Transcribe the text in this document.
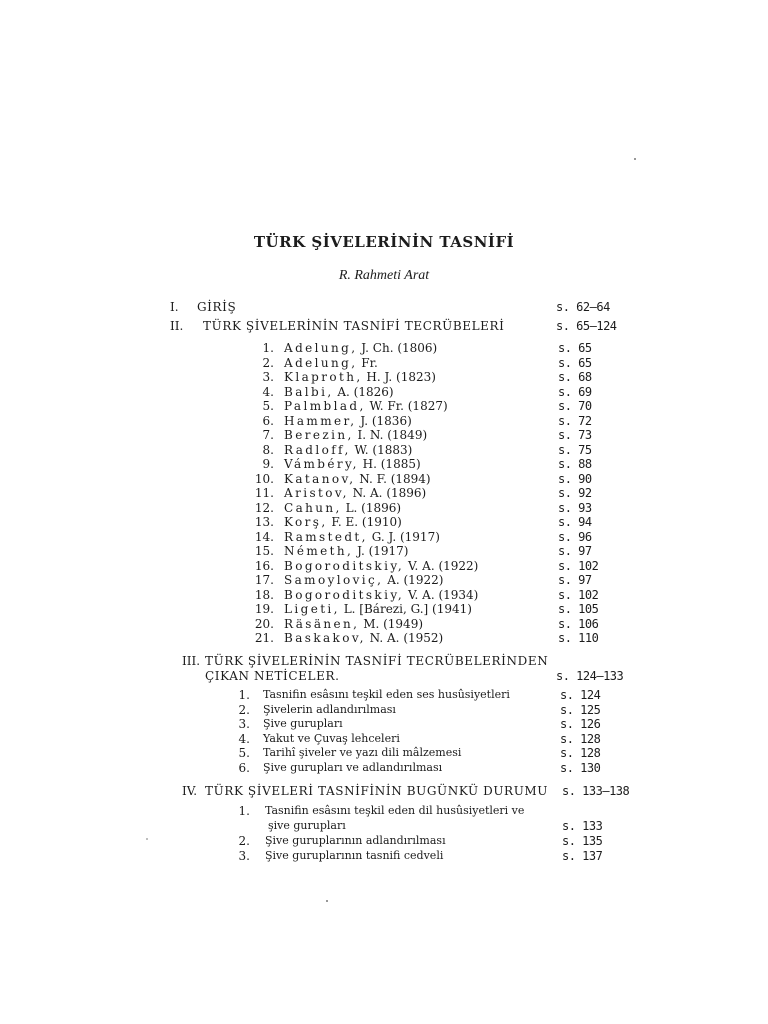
TÜRK ŞİVELERİNİN TASNİFİ
R. Rahmeti Arat
I. GİRİŞ	s. 62—64
II. TÜRK ŞİVELERİNİN TASNİFİ TECRÜBELERİ	s. 65—124
1. Adelung, J. Ch. (1806)	s. 65
2. Adelung, Fr.	s. 65
3. Klaproth, H. J. (1823)	s. 68
4. Balbi, A. (1826)	s. 69
5. Palmblad, W. Fr. (1827)	s. 70
6. Hammer, J. (1836)	s. 72
7. Berezin, I. N. (1849)	s. 73
8. Radloff, W. (1883)	s. 75
9. Vámbéry, H. (1885)	s. 88
10. Katanov, N. F. (1894)	s. 90
11. Aristov, N. A. (1896)	s. 92
12. Cahun, L. (1896)	s. 93
13. Korş, F. E. (1910)	s. 94
14. Ramstedt, G. J. (1917)	s. 96
15. Németh, J. (1917)	s. 97
16. Bogoroditskiy, V. A. (1922)	s. 102
17. Samoyloviç, A. (1922)	s. 97
18. Bogoroditskiy, V. A. (1934)	s. 102
19. Ligeti, L. [Bárezi, G.] (1941)	s. 105
20. Räsänen, M. (1949)	s. 106
21. Baskakov, N. A. (1952)	s. 110
III. TÜRK ŞİVELERİNİN TASNİFİ TECRÜBELERİNDEN
ÇIKAN NETİCELER.	s. 124—133
1. Tasnifin esâsını teşkil eden ses husûsiyetleri	s. 124
2. Şivelerin adlandırılması	s. 125
3. Şive gurupları	s. 126
4. Yakut ve Çuvaş lehceleri	s. 128
5. Tarihî şiveler ve yazı dili mâlzemesi	s. 128
6. Şive gurupları ve adlandırılması	s. 130
IV. TÜRK ŞİVELERİ TASNİFİNİN BUGÜNKÜ DURUMU s. 133—138
1. Tasnifin esâsını teşkil eden dil husûsiyetleri ve
şive gurupları	s. 133
2. Şive guruplarının adlandırılması	s. 135
3. Şive guruplarının tasnifi cedveli	s. 137
